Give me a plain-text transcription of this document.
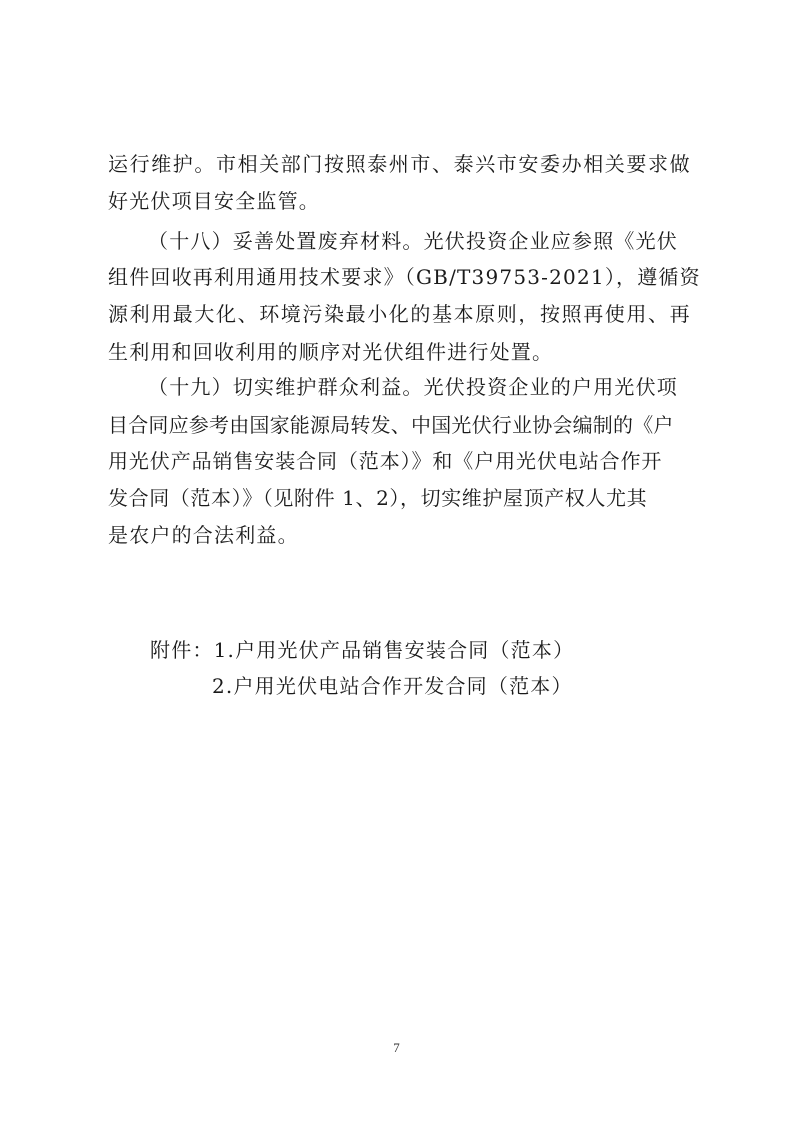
运行维护。市相关部门按照泰州市、泰兴市安委办相关要求做
好光伏项目安全监管。
（十八）妥善处置废弃材料。光伏投资企业应参照《光伏
组件回收再利用通用技术要求》（GB/T39753-2021），遵循资
源利用最大化、环境污染最小化的基本原则，按照再使用、再
生利用和回收利用的顺序对光伏组件进行处置。
（十九）切实维护群众利益。光伏投资企业的户用光伏项
目合同应参考由国家能源局转发、中国光伏行业协会编制的《户
用光伏产品销售安装合同（范本）》和《户用光伏电站合作开
发合同（范本）》（见附件 1、2），切实维护屋顶产权人尤其
是农户的合法利益。
附件：1.户用光伏产品销售安装合同（范本）
2.户用光伏电站合作开发合同（范本）
7
